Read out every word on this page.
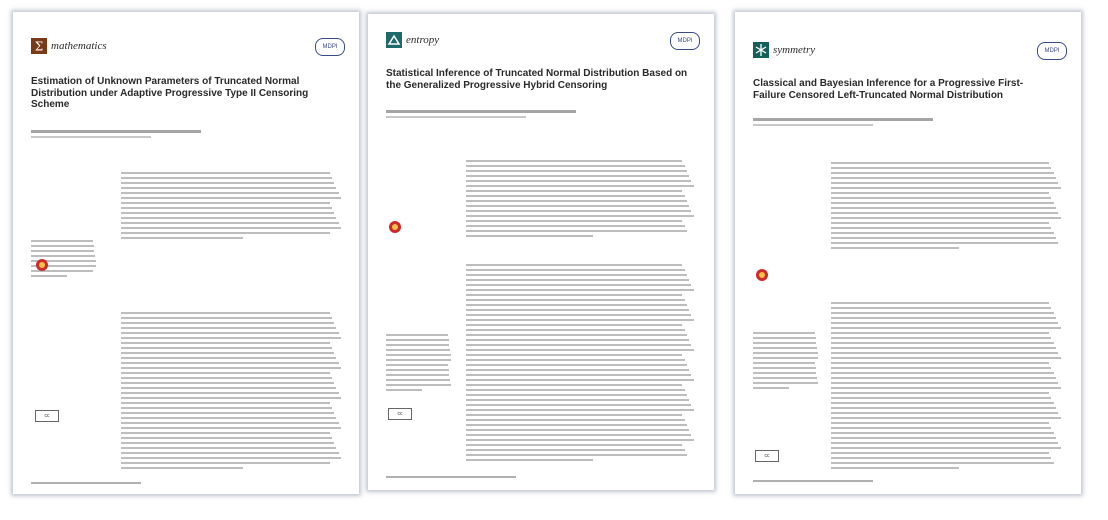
Σ mathematics	MDPI
Estimation of Unknown Parameters of Truncated Normal Distribution under Adaptive Progressive Type II Censoring Scheme
cc
entropy	MDPI
Statistical Inference of Truncated Normal Distribution Based on the Generalized Progressive Hybrid Censoring
cc
symmetry	MDPI
Classical and Bayesian Inference for a Progressive First-Failure Censored Left-Truncated Normal Distribution
cc
